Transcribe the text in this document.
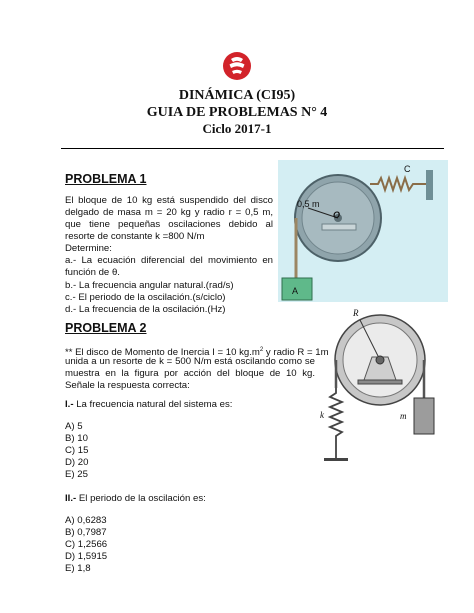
DINÁMICA (CI95)
GUIA DE PROBLEMAS N° 4
Ciclo 2017-1
PROBLEMA 1
El bloque de 10 kg está suspendido del disco delgado de masa m = 20 kg y radio r = 0,5 m, que tiene pequeñas oscilaciones debido al resorte de constante k =800 N/m
Determine:
a.- La ecuación diferencial del movimiento en función de θ.
b.- La frecuencia angular natural.(rad/s)
c.- El periodo de la oscilación.(s/ciclo)
d.- La frecuencia de la oscilación.(Hz)
0,5 m
O
C
A
PROBLEMA 2
** El disco de Momento de Inercia I = 10 $kg.m^2$ y radio R = 1m
unida a un resorte de k = 500 N/m está oscilando como se muestra en la figura por acción del bloque de 10 kg. Señale la respuesta correcta:
I.- La frecuencia natural del sistema es:
A) 5
B) 10
C) 15
D) 20
E) 25
II.- El periodo de la oscilación es:
A) 0,6283
B) 0,7987
C) 1,2566
D) 1,5915
E) 1,8
R
k	m
